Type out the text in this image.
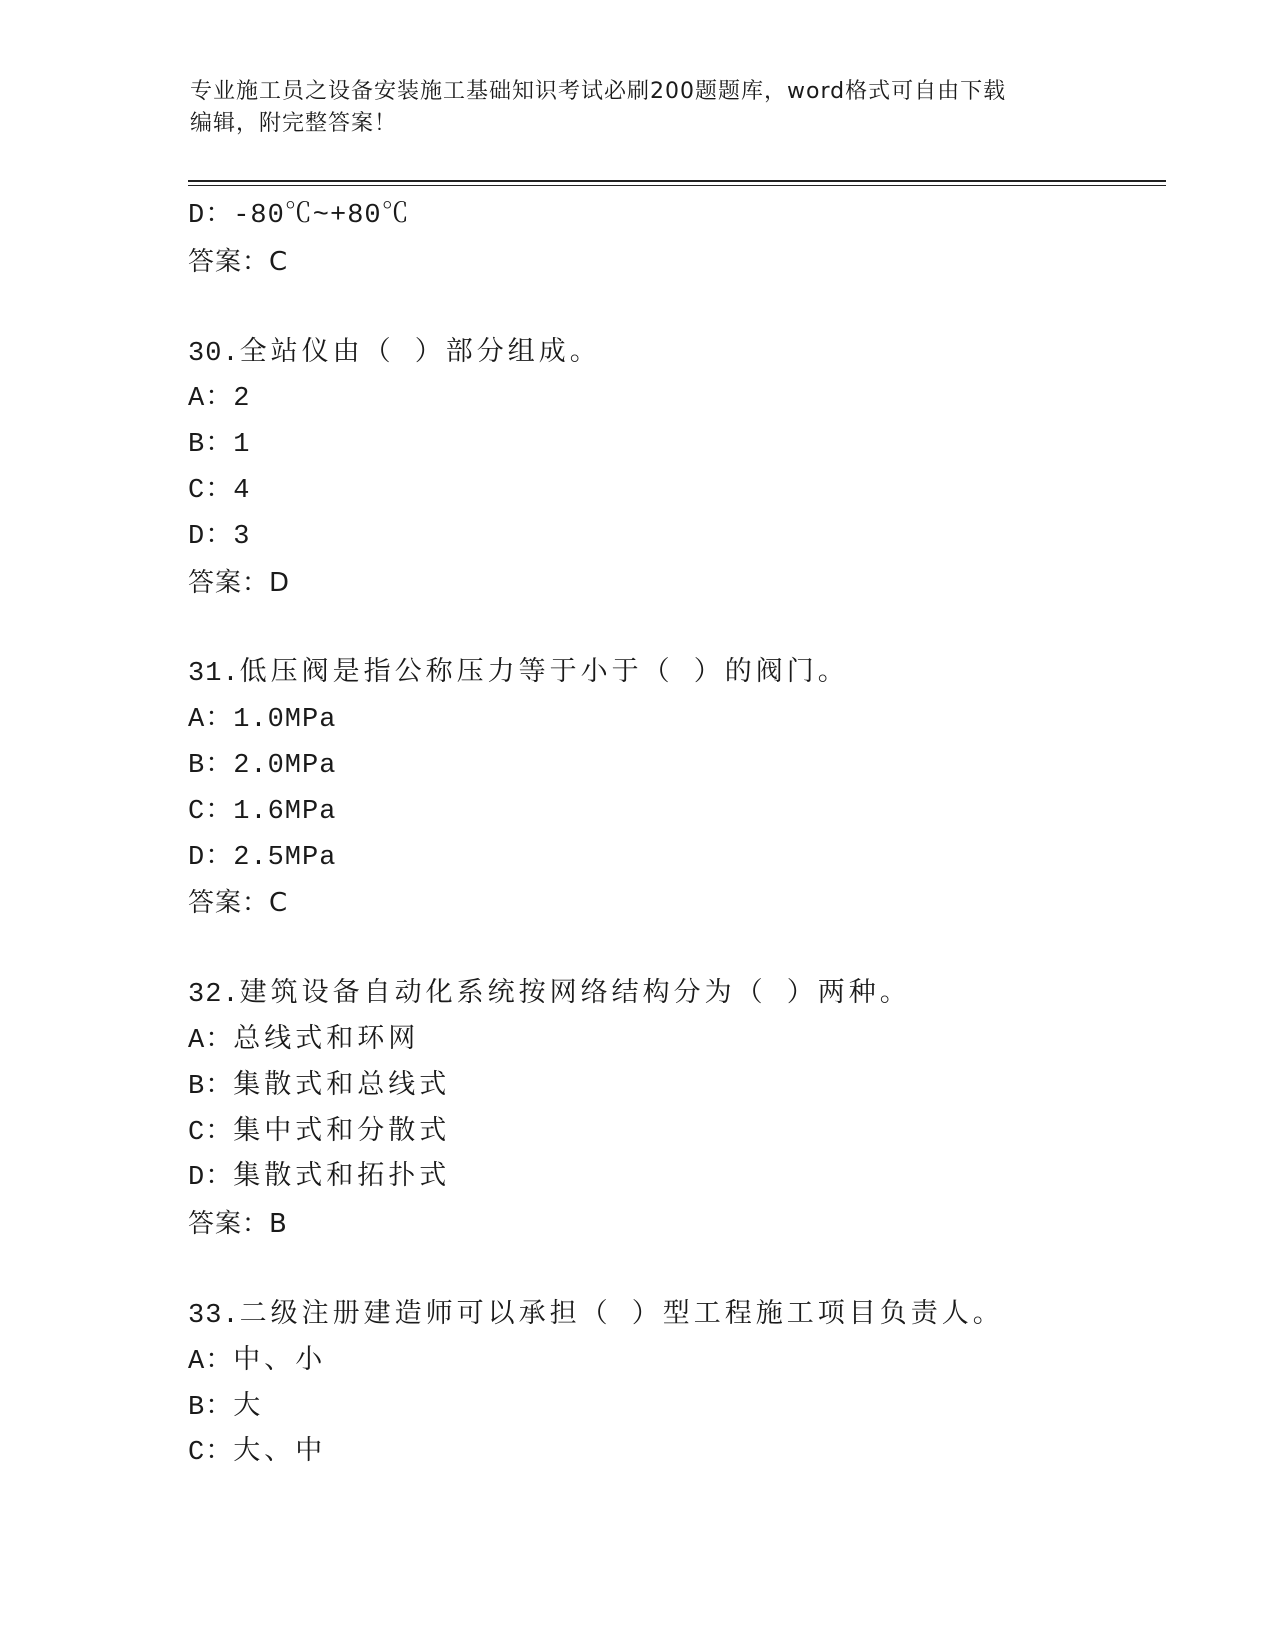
专业施工员之设备安装施工基础知识考试必刷200题题库，word格式可自由下载
编辑，附完整答案！
D：-80℃~+80℃
答案：C
30.全站仪由（ ）部分组成。
A：2
B：1
C：4
D：3
答案：D
31.低压阀是指公称压力等于小于（ ）的阀门。
A：1.0MPa
B：2.0MPa
C：1.6MPa
D：2.5MPa
答案：C
32.建筑设备自动化系统按网络结构分为（ ）两种。
A：总线式和环网
B：集散式和总线式
C：集中式和分散式
D：集散式和拓扑式
答案：B
33.二级注册建造师可以承担（ ）型工程施工项目负责人。
A：中、小
B：大
C：大、中
